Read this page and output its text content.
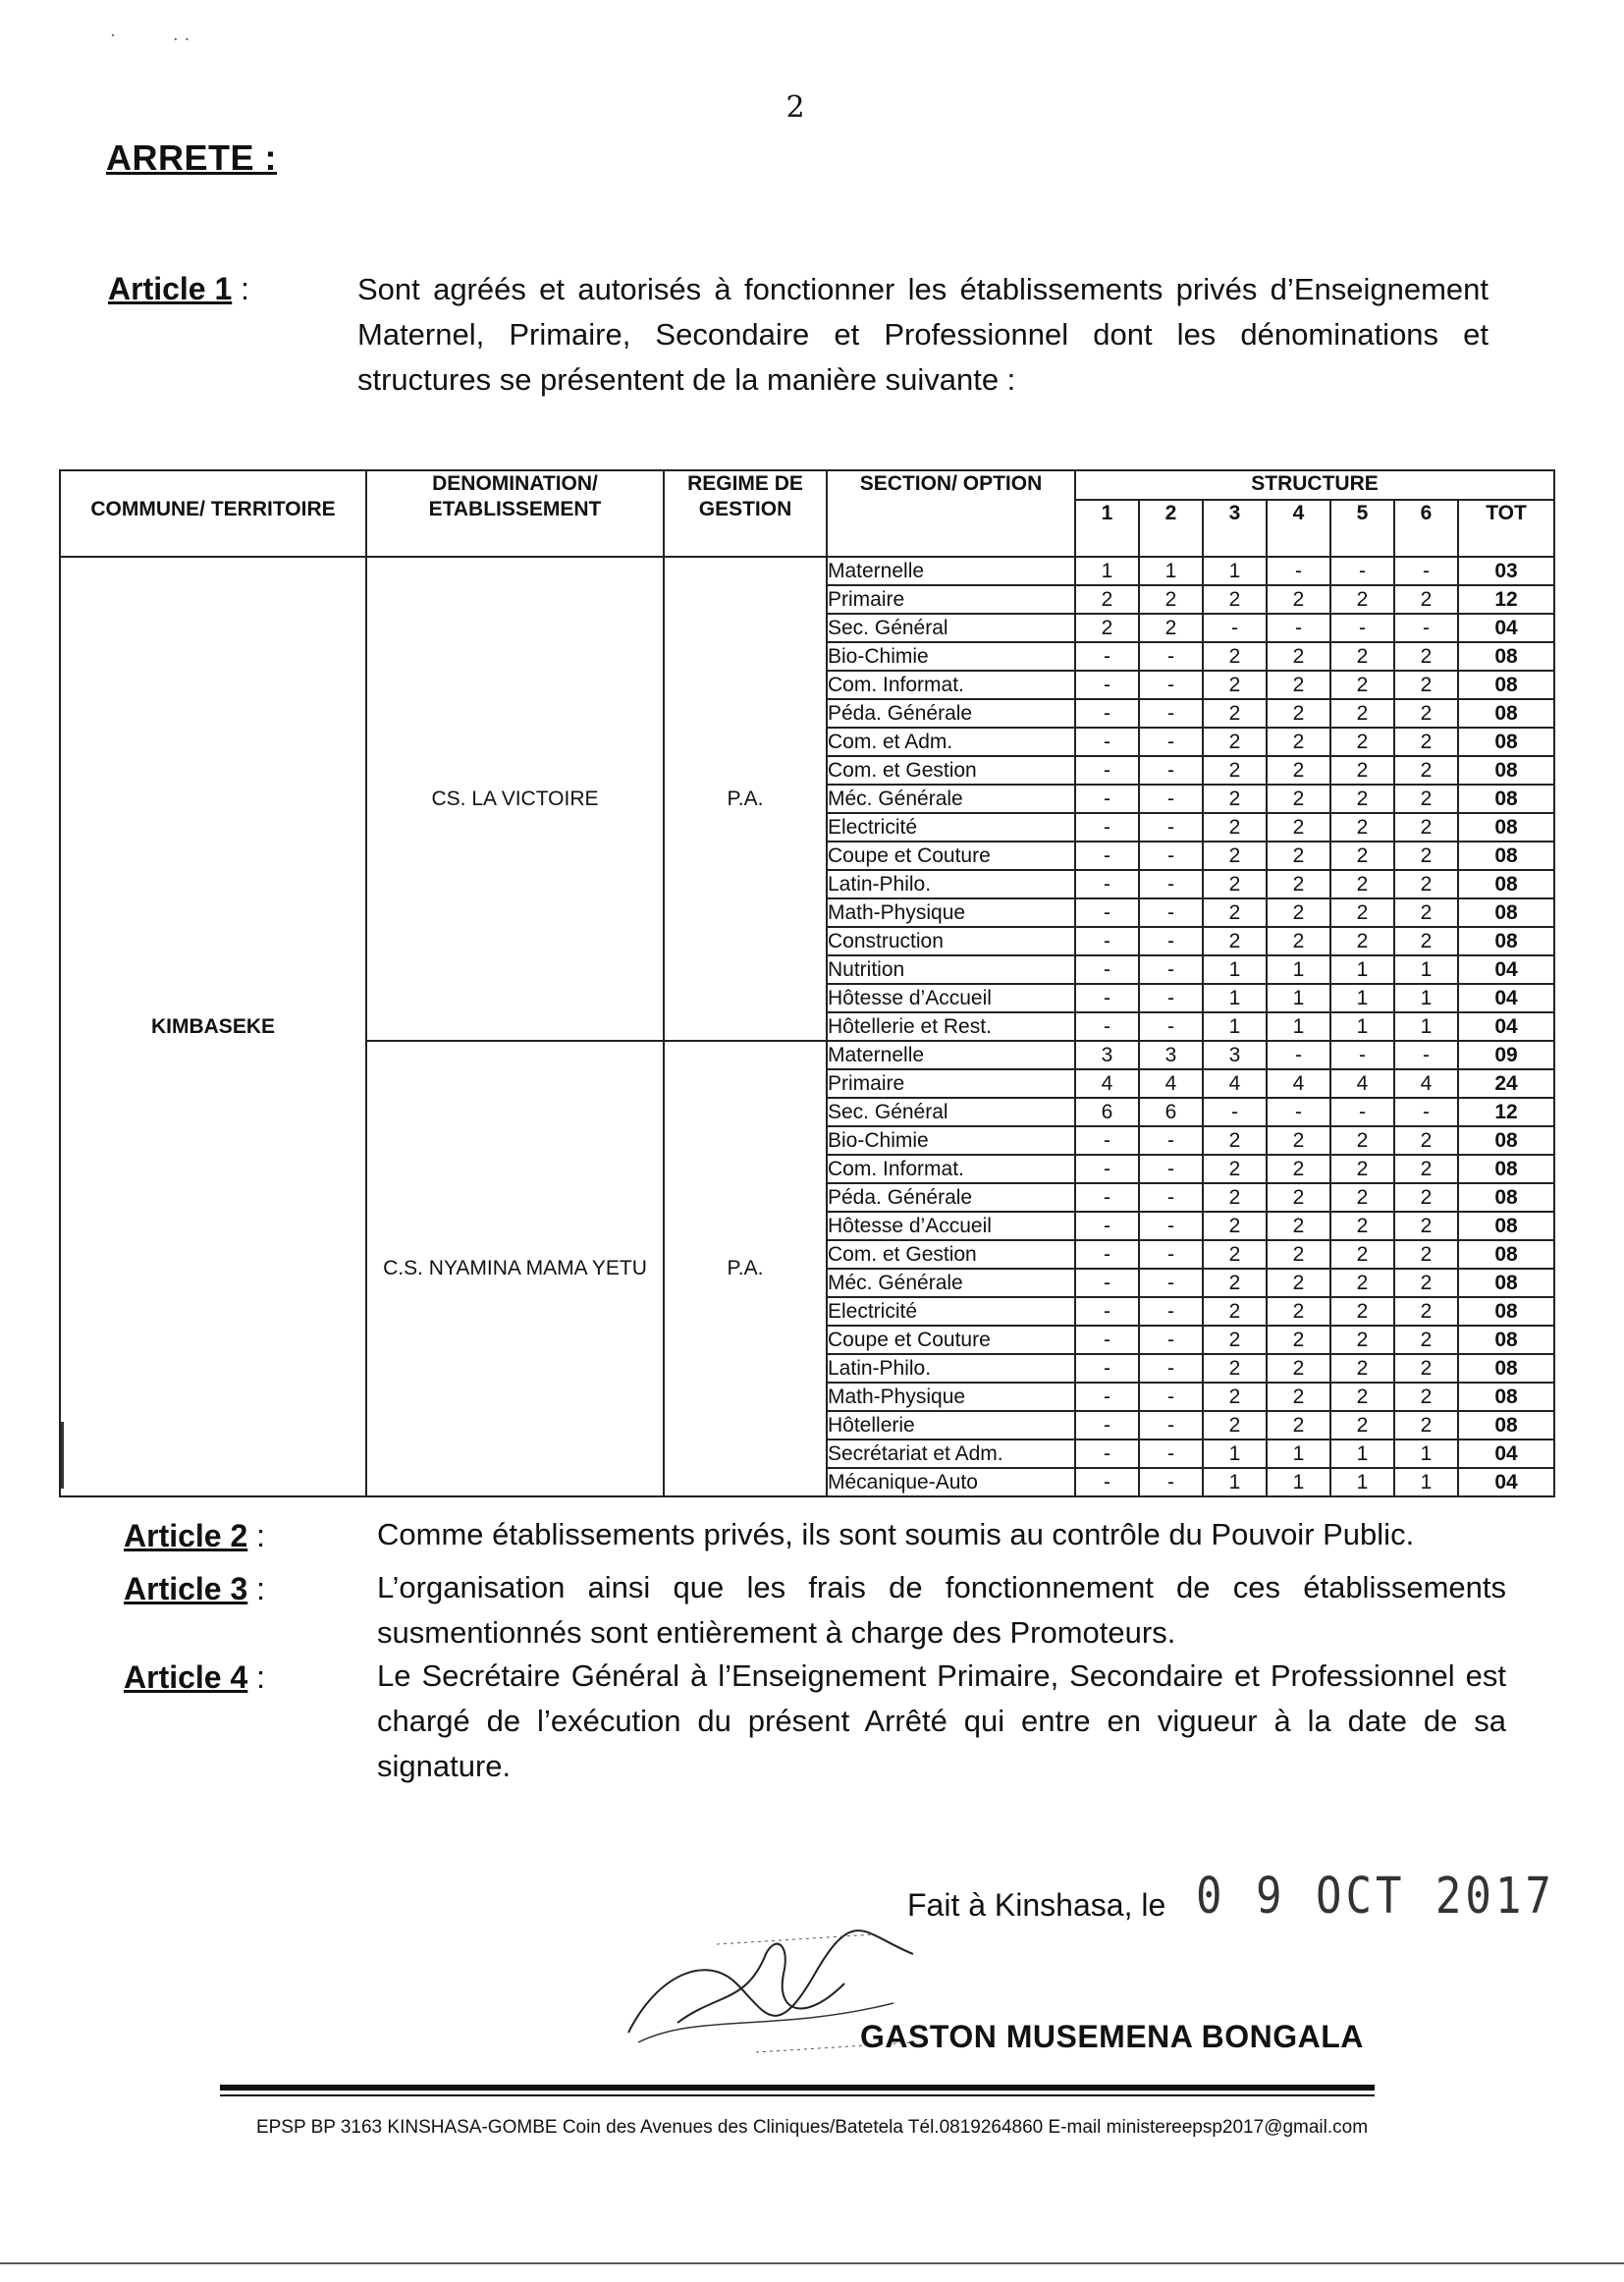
·	· ·
2
ARRETE :
Article 1 :	Sont agréés et autorisés à fonctionner les établissements privés d’Enseignement Maternel, Primaire, Secondaire et Professionnel dont les dénominations et structures se présentent de la manière suivante :
COMMUNE/ TERRITOIRE	DENOMINATION/ ETABLISSEMENT	REGIME DE GESTION	SECTION/ OPTION	STRUCTURE						
				1	2	3	4	5	6	TOT
KIMBASEKE	CS. LA VICTOIRE	P.A.	Maternelle	1	1	1	-	-	-	03
			Primaire	2	2	2	2	2	2	12
			Sec. Général	2	2	-	-	-	-	04
			Bio-Chimie	-	-	2	2	2	2	08
			Com. Informat.	-	-	2	2	2	2	08
			Péda. Générale	-	-	2	2	2	2	08
			Com. et Adm.	-	-	2	2	2	2	08
			Com. et Gestion	-	-	2	2	2	2	08
			Méc. Générale	-	-	2	2	2	2	08
			Electricité	-	-	2	2	2	2	08
			Coupe et Couture	-	-	2	2	2	2	08
			Latin-Philo.	-	-	2	2	2	2	08
			Math-Physique	-	-	2	2	2	2	08
			Construction	-	-	2	2	2	2	08
			Nutrition	-	-	1	1	1	1	04
			Hôtesse d’Accueil	-	-	1	1	1	1	04
			Hôtellerie et Rest.	-	-	1	1	1	1	04
	C.S. NYAMINA MAMA YETU	P.A.	Maternelle	3	3	3	-	-	-	09
			Primaire	4	4	4	4	4	4	24
			Sec. Général	6	6	-	-	-	-	12
			Bio-Chimie	-	-	2	2	2	2	08
			Com. Informat.	-	-	2	2	2	2	08
			Péda. Générale	-	-	2	2	2	2	08
			Hôtesse d’Accueil	-	-	2	2	2	2	08
			Com. et Gestion	-	-	2	2	2	2	08
			Méc. Générale	-	-	2	2	2	2	08
			Electricité	-	-	2	2	2	2	08
			Coupe et Couture	-	-	2	2	2	2	08
			Latin-Philo.	-	-	2	2	2	2	08
			Math-Physique	-	-	2	2	2	2	08
			Hôtellerie	-	-	2	2	2	2	08
			Secrétariat et Adm.	-	-	1	1	1	1	04
			Mécanique-Auto	-	-	1	1	1	1	04
Article 2 :	Comme établissements privés, ils sont soumis au contrôle du Pouvoir Public.
Article 3 :	L’organisation ainsi que les frais de fonctionnement de ces établissements susmentionnés sont entièrement à charge des Promoteurs.
Article 4 :	Le Secrétaire Général à l’Enseignement Primaire, Secondaire et Professionnel est chargé de l’exécution du présent Arrêté qui entre en vigueur à la date de sa signature.
Fait à Kinshasa, le 0 9 OCT 2017
GASTON MUSEMENA BONGALA
EPSP BP 3163 KINSHASA-GOMBE Coin des Avenues des Cliniques/Batetela Tél.0819264860 E-mail ministereepsp2017@gmail.com
